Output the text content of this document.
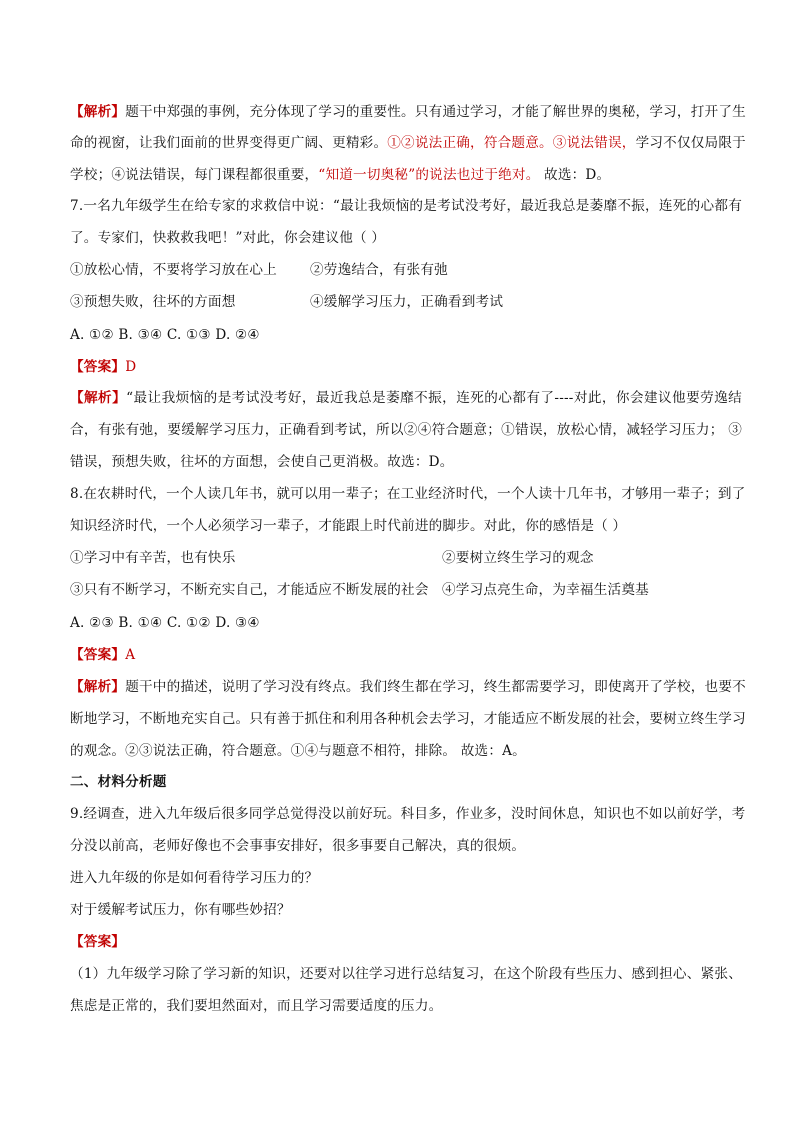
【解析】题干中郑强的事例，充分体现了学习的重要性。只有通过学习，才能了解世界的奥秘，学习，打开了生
命的视窗，让我们面前的世界变得更广阔、更精彩。①②说法正确，符合题意。③说法错误，学习不仅仅局限于
学校；④说法错误，每门课程都很重要，“知道一切奥秘”的说法也过于绝对。 故选：D。
7.一名九年级学生在给专家的求救信中说：“最让我烦恼的是考试没考好，最近我总是萎靡不振，连死的心都有
了。专家们，快救救我吧！”对此，你会建议他（ ）
①放松心情，不要将学习放在心上 ②劳逸结合，有张有弛
③预想失败，往坏的方面想	④缓解学习压力，正确看到考试
A. ①② B. ③④ C. ①③ D. ②④
【答案】D
【解析】“最让我烦恼的是考试没考好，最近我总是萎靡不振，连死的心都有了----对此，你会建议他要劳逸结
合，有张有弛，要缓解学习压力，正确看到考试，所以②④符合题意；①错误，放松心情，减轻学习压力； ③
错误，预想失败，往坏的方面想，会使自己更消极。故选：D。
8.在农耕时代，一个人读几年书，就可以用一辈子；在工业经济时代，一个人读十几年书，才够用一辈子；到了
知识经济时代，一个人必须学习一辈子，才能跟上时代前进的脚步。对此，你的感悟是（ ）
①学习中有辛苦，也有快乐	②要树立终生学习的观念
③只有不断学习，不断充实自己，才能适应不断发展的社会 ④学习点亮生命，为幸福生活奠基
A. ②③ B. ①④ C. ①② D. ③④
【答案】A
【解析】题干中的描述，说明了学习没有终点。我们终生都在学习，终生都需要学习，即使离开了学校，也要不
断地学习，不断地充实自己。只有善于抓住和利用各种机会去学习，才能适应不断发展的社会，要树立终生学习
的观念。②③说法正确，符合题意。①④与题意不相符，排除。 故选：A。
二、材料分析题
9.经调查，进入九年级后很多同学总觉得没以前好玩。科目多，作业多，没时间休息，知识也不如以前好学，考
分没以前高，老师好像也不会事事安排好，很多事要自己解决，真的很烦。
进入九年级的你是如何看待学习压力的？
对于缓解考试压力，你有哪些妙招？
【答案】
（1）九年级学习除了学习新的知识，还要对以往学习进行总结复习，在这个阶段有些压力、感到担心、紧张、
焦虑是正常的，我们要坦然面对，而且学习需要适度的压力。
